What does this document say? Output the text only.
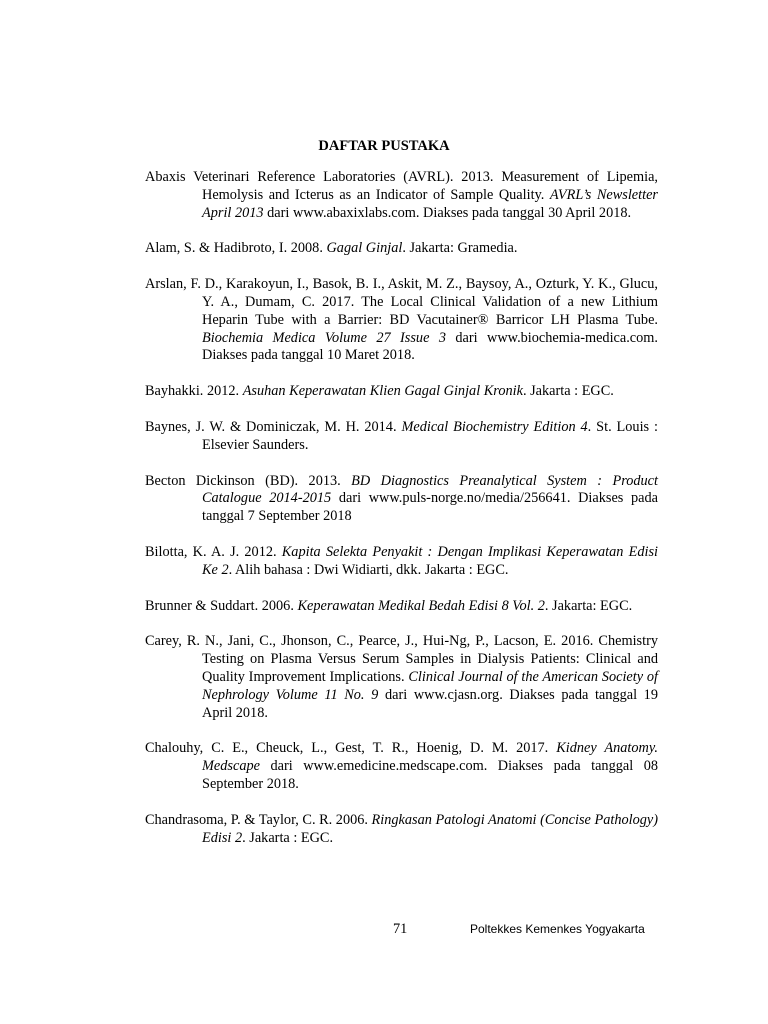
DAFTAR PUSTAKA

Abaxis Veterinari Reference Laboratories (AVRL). 2013. Measurement of Lipemia, Hemolysis and Icterus as an Indicator of Sample Quality. AVRL’s Newsletter April 2013 dari www.abaxixlabs.com. Diakses pada tanggal 30 April 2018.

Alam, S. & Hadibroto, I. 2008. Gagal Ginjal. Jakarta: Gramedia.

Arslan, F. D., Karakoyun, I., Basok, B. I., Askit, M. Z., Baysoy, A., Ozturk, Y. K., Glucu, Y. A., Dumam, C. 2017. The Local Clinical Validation of a new Lithium Heparin Tube with a Barrier: BD Vacutainer® Barricor LH Plasma Tube. Biochemia Medica Volume 27 Issue 3 dari www.biochemia-medica.com. Diakses pada tanggal 10 Maret 2018.

Bayhakki. 2012. Asuhan Keperawatan Klien Gagal Ginjal Kronik. Jakarta : EGC.

Baynes, J. W. & Dominiczak, M. H. 2014. Medical Biochemistry Edition 4. St. Louis : Elsevier Saunders.

Becton Dickinson (BD). 2013. BD Diagnostics Preanalytical System : Product Catalogue 2014-2015 dari www.puls-norge.no/media/256641. Diakses pada tanggal 7 September 2018

Bilotta, K. A. J. 2012. Kapita Selekta Penyakit : Dengan Implikasi Keperawatan Edisi Ke 2. Alih bahasa : Dwi Widiarti, dkk. Jakarta : EGC.

Brunner & Suddart. 2006. Keperawatan Medikal Bedah Edisi 8 Vol. 2. Jakarta: EGC.

Carey, R. N., Jani, C., Jhonson, C., Pearce, J., Hui-Ng, P., Lacson, E. 2016. Chemistry Testing on Plasma Versus Serum Samples in Dialysis Patients: Clinical and Quality Improvement Implications. Clinical Journal of the American Society of Nephrology Volume 11 No. 9 dari www.cjasn.org. Diakses pada tanggal 19 April 2018.

Chalouhy, C. E., Cheuck, L., Gest, T. R., Hoenig, D. M. 2017. Kidney Anatomy. Medscape dari www.emedicine.medscape.com. Diakses pada tanggal 08 September 2018.

Chandrasoma, P. & Taylor, C. R. 2006. Ringkasan Patologi Anatomi (Concise Pathology) Edisi 2. Jakarta : EGC.

71	Poltekkes Kemenkes Yogyakarta
